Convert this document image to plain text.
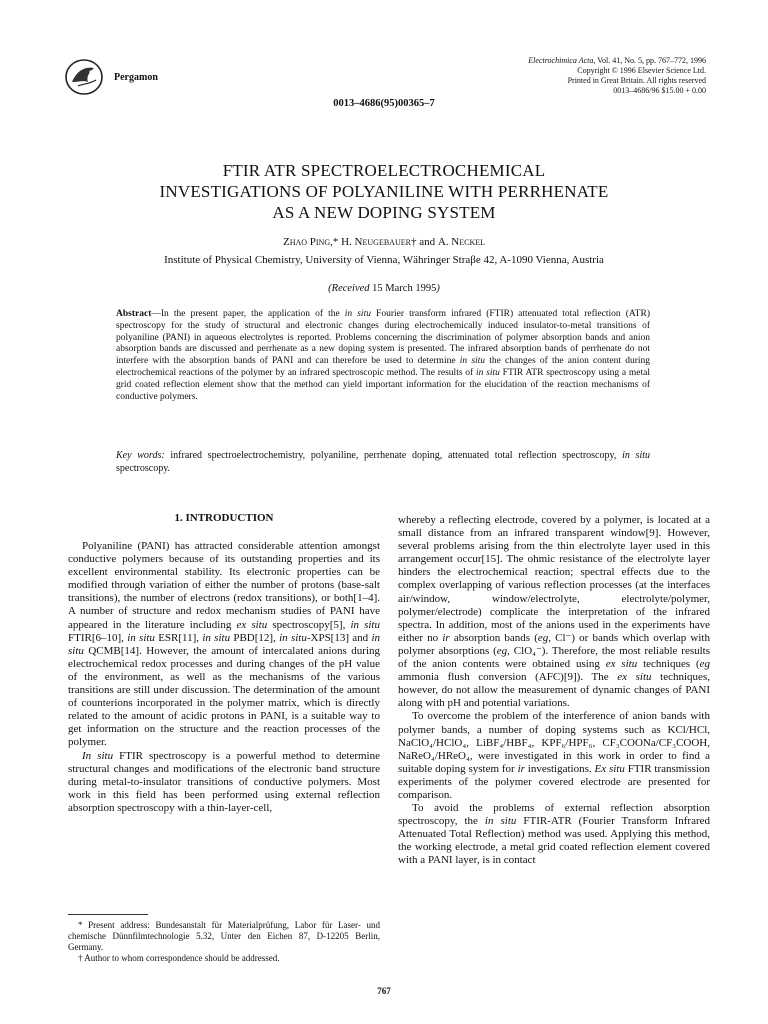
Pergamon
Electrochimica Acta, Vol. 41, No. 5, pp. 767–772, 1996
Copyright © 1996 Elsevier Science Ltd.
Printed in Great Britain. All rights reserved
0013–4686/96 $15.00 + 0.00
0013–4686(95)00365–7
FTIR ATR SPECTROELECTROCHEMICAL
INVESTIGATIONS OF POLYANILINE WITH PERRHENATE
AS A NEW DOPING SYSTEM
Zhao Ping,* H. Neugebauer† and A. Neckel
Institute of Physical Chemistry, University of Vienna, Währinger Straβe 42, A-1090 Vienna, Austria
(Received 15 March 1995)
Abstract—In the present paper, the application of the in situ Fourier transform infrared (FTIR) attenuated total reflection (ATR) spectroscopy for the study of structural and electronic changes during electrochemically induced insulator-to-metal transitions of polyaniline (PANI) in aqueous electrolytes is reported. Problems concerning the discrimination of polymer absorption bands and anion absorption bands are discussed and perrhenate as a new doping system is presented. The infrared absorption bands of perrhenate do not interfere with the absorption bands of PANI and can therefore be used to determine in situ the changes of the anion content during electrochemical reactions of the polymer by an infrared spectroscopic method. The results of in situ FTIR ATR spectroscopy using a metal grid coated reflection element show that the method can yield important information for the elucidation of the reaction mechanisms of conductive polymers.
Key words: infrared spectroelectrochemistry, polyaniline, perrhenate doping, attenuated total reflection spectroscopy, in situ spectroscopy.
1. INTRODUCTION

Polyaniline (PANI) has attracted considerable attention amongst conductive polymers because of its outstanding properties and its excellent environmental stability. Its electronic properties can be modified through variation of either the number of protons (base-salt transitions), the number of electrons (redox transitions), or both[1–4]. A number of structure and redox mechanism studies of PANI have appeared in the literature including ex situ spectroscopy[5], in situ FTIR[6–10], in situ ESR[11], in situ PBD[12], in situ-XPS[13] and in situ QCMB[14]. However, the amount of intercalated anions during electrochemical redox processes and during changes of the pH value of the environment, as well as the mechanisms of the various transitions are still under discussion. The determination of the amount of counterions incorporated in the polymer matrix, which is directly related to the amount of acidic protons in PANI, is a suitable way to get information on the structure and the reaction processes of the polymer.

In situ FTIR spectroscopy is a powerful method to determine structural changes and modifications of the electronic band structure during metal-to-insulator transitions of conductive polymers. Most work in this field has been performed using external reflection absorption spectroscopy with a thin-layer-cell,

whereby a reflecting electrode, covered by a polymer, is located at a small distance from an infrared transparent window[9]. However, several problems arising from the thin electrolyte layer used in this arrangement occur[15]. The ohmic resistance of the electrolyte layer hinders the electrochemical reaction; spectral effects due to the complex overlapping of various reflection processes (at the interfaces air/window, window/electrolyte, electrolyte/polymer, polymer/electrode) complicate the interpretation of the infrared spectra. In addition, most of the anions used in the experiments have either no ir absorption bands (eg, Cl⁻) or bands which overlap with polymer absorptions (eg, ClO₄⁻). Therefore, the most reliable results of the anion contents were obtained using ex situ techniques (eg ammonia flush conversion (AFC)[9]). The ex situ techniques, however, do not allow the measurement of dynamic changes of PANI along with pH and potential variations.

To overcome the problem of the interference of anion bands with polymer bands, a number of doping systems such as KCl/HCl, NaClO₄/HClO₄, LiBF₄/HBF₄, KPF₆/HPF₆, CF₃COONa/CF₃COOH, NaReO₄/HReO₄, were investigated in this work in order to find a suitable doping system for ir investigations. Ex situ FTIR transmission experiments of the polymer covered electrode are presented for comparison.

To avoid the problems of external reflection absorption spectroscopy, the in situ FTIR-ATR (Fourier Transform Infrared Attenuated Total Reflection) method was used. Applying this method, the working electrode, a metal grid coated reflection element covered with a PANI layer, is in contact

* Present address: Bundesanstalt für Materialprüfung, Labor für Laser- und chemische Dünnfilmtechnologie 5.32, Unter den Eichen 87, D-12205 Berlin, Germany.
† Author to whom correspondence should be addressed.
767
